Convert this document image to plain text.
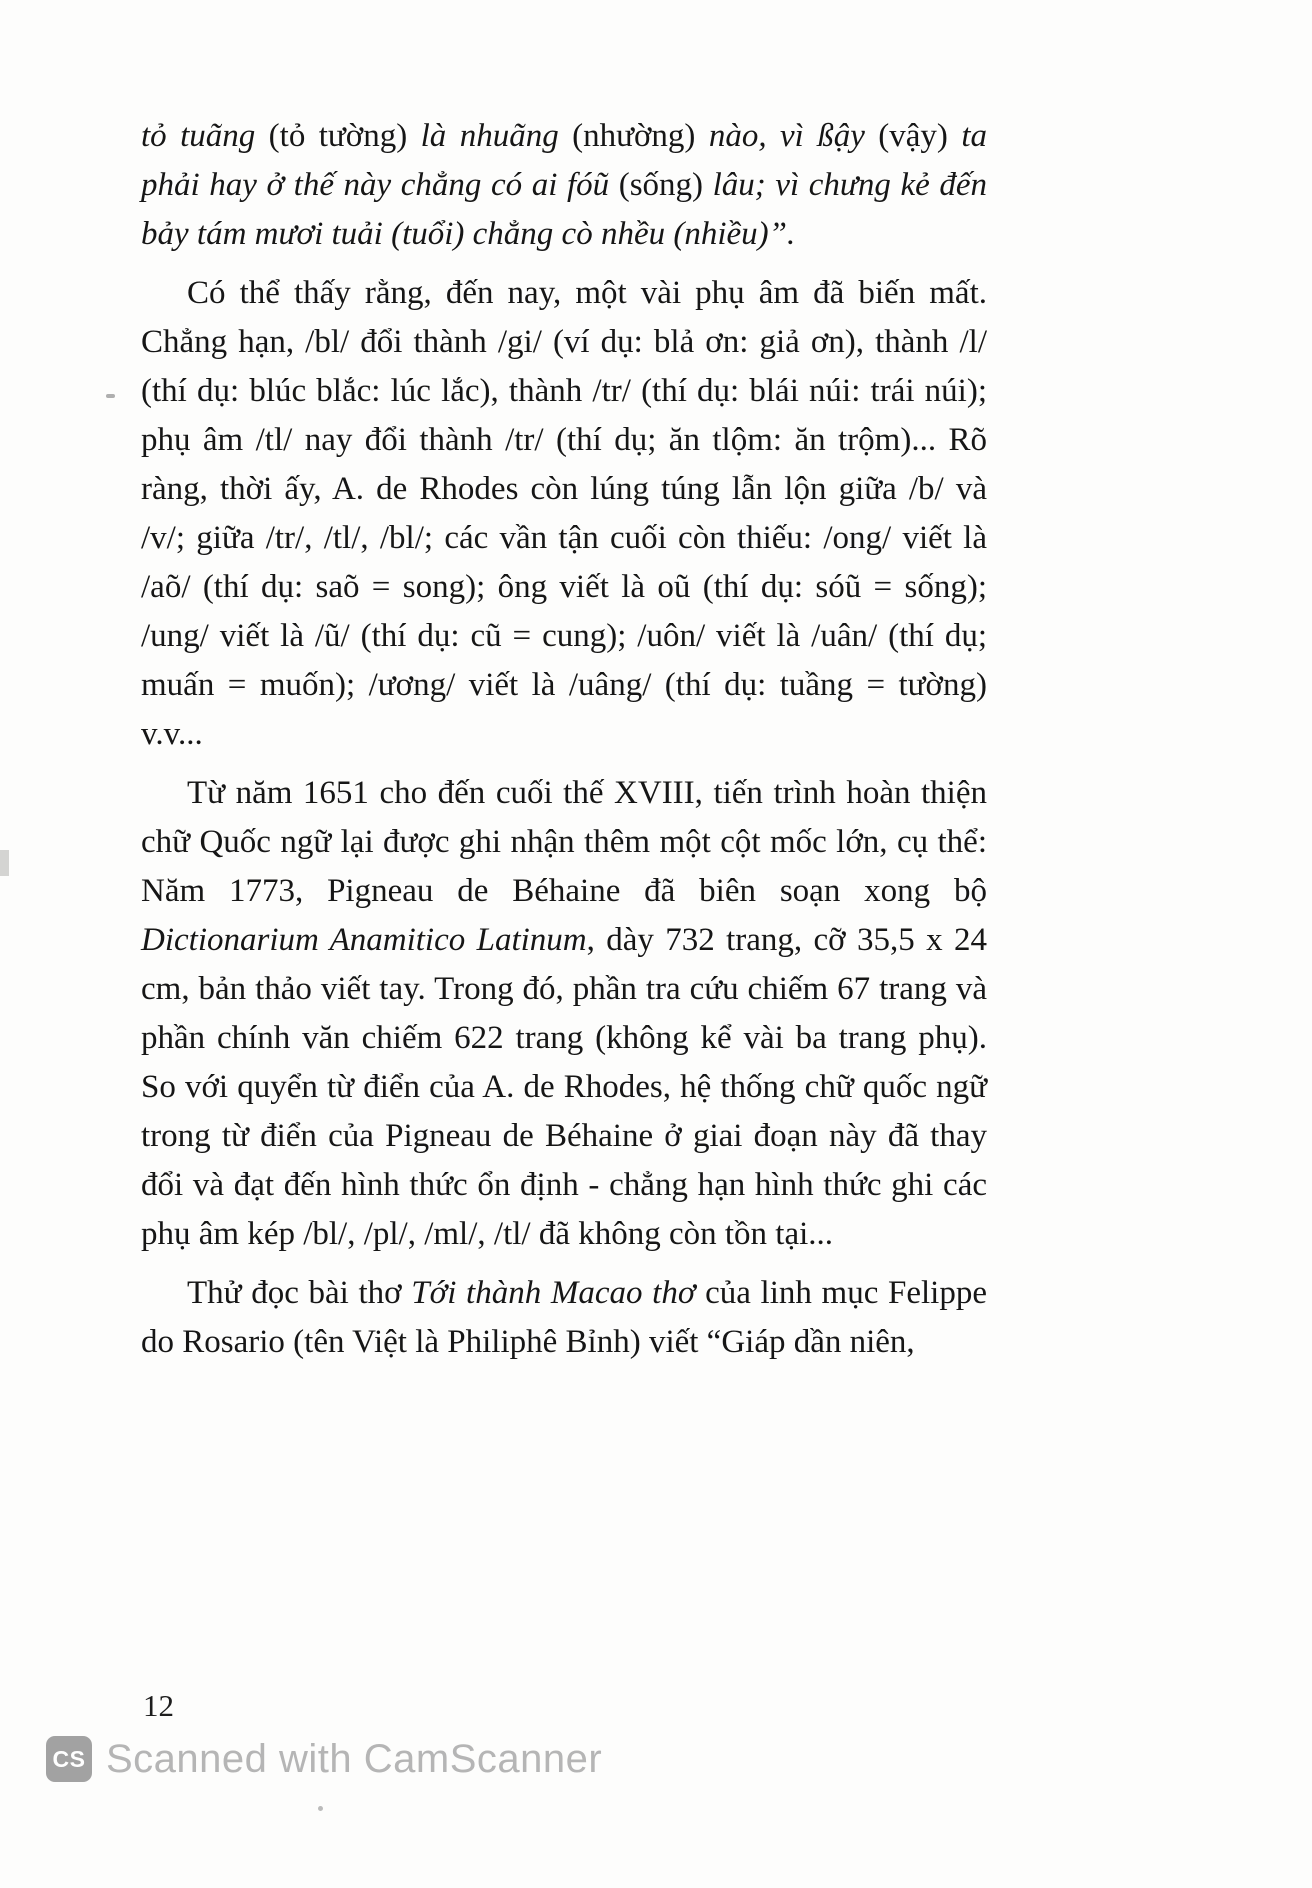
tỏ tuãng (tỏ tường) là nhuãng (nhường) nào, vì ßậy (vậy) ta phải hay ở thế này chẳng có ai fóũ (sống) lâu; vì chưng kẻ đến bảy tám mươi tuải (tuổi) chẳng cò nhều (nhiều)”.

Có thể thấy rằng, đến nay, một vài phụ âm đã biến mất. Chẳng hạn, /bl/ đổi thành /gi/ (ví dụ: blả ơn: giả ơn), thành /l/ (thí dụ: blúc blắc: lúc lắc), thành /tr/ (thí dụ: blái núi: trái núi); phụ âm /tl/ nay đổi thành /tr/ (thí dụ; ăn tlộm: ăn trộm)... Rõ ràng, thời ấy, A. de Rhodes còn lúng túng lẫn lộn giữa /b/ và /v/; giữa /tr/, /tl/, /bl/; các vần tận cuối còn thiếu: /ong/ viết là /aõ/ (thí dụ: saõ = song); ông viết là oũ (thí dụ: sóũ = sống); /ung/ viết là /ũ/ (thí dụ: cũ = cung); /uôn/ viết là /uân/ (thí dụ; muấn = muốn); /ương/ viết là /uâng/ (thí dụ: tuầng = tường) v.v...

Từ năm 1651 cho đến cuối thế XVIII, tiến trình hoàn thiện chữ Quốc ngữ lại được ghi nhận thêm một cột mốc lớn, cụ thể: Năm 1773, Pigneau de Béhaine đã biên soạn xong bộ Dictionarium Anamitico Latinum, dày 732 trang, cỡ 35,5 x 24 cm, bản thảo viết tay. Trong đó, phần tra cứu chiếm 67 trang và phần chính văn chiếm 622 trang (không kể vài ba trang phụ). So với quyển từ điển của A. de Rhodes, hệ thống chữ quốc ngữ trong từ điển của Pigneau de Béhaine ở giai đoạn này đã thay đổi và đạt đến hình thức ổn định - chẳng hạn hình thức ghi các phụ âm kép /bl/, /pl/, /ml/, /tl/ đã không còn tồn tại...

Thử đọc bài thơ Tới thành Macao thơ của linh mục Felippe do Rosario (tên Việt là Philiphê Bỉnh) viết “Giáp dần niên,

12
CS Scanned with CamScanner
